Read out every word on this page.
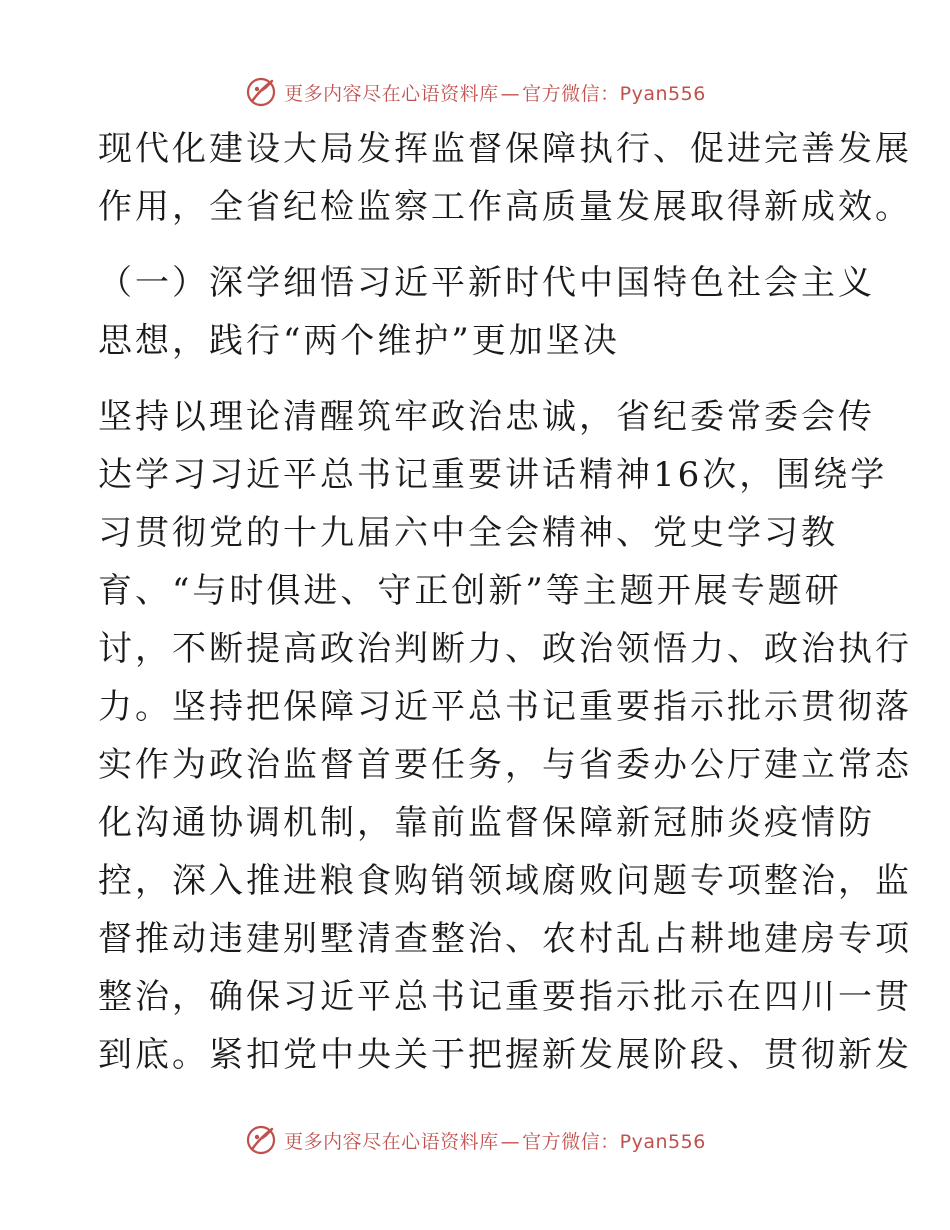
更多内容尽在心语资料库 — 官方微信：Pyan556
现代化建设大局发挥监督保障执行、促进完善发展
作用，全省纪检监察工作高质量发展取得新成效。
（一）深学细悟习近平新时代中国特色社会主义
思想，践行“两个维护”更加坚决
坚持以理论清醒筑牢政治忠诚，省纪委常委会传
达学习习近平总书记重要讲话精神16次，围绕学
习贯彻党的十九届六中全会精神、党史学习教
育、“与时俱进、守正创新”等主题开展专题研
讨，不断提高政治判断力、政治领悟力、政治执行
力。坚持把保障习近平总书记重要指示批示贯彻落
实作为政治监督首要任务，与省委办公厅建立常态
化沟通协调机制，靠前监督保障新冠肺炎疫情防
控，深入推进粮食购销领域腐败问题专项整治，监
督推动违建别墅清查整治、农村乱占耕地建房专项
整治，确保习近平总书记重要指示批示在四川一贯
到底。紧扣党中央关于把握新发展阶段、贯彻新发
更多内容尽在心语资料库 — 官方微信：Pyan556
